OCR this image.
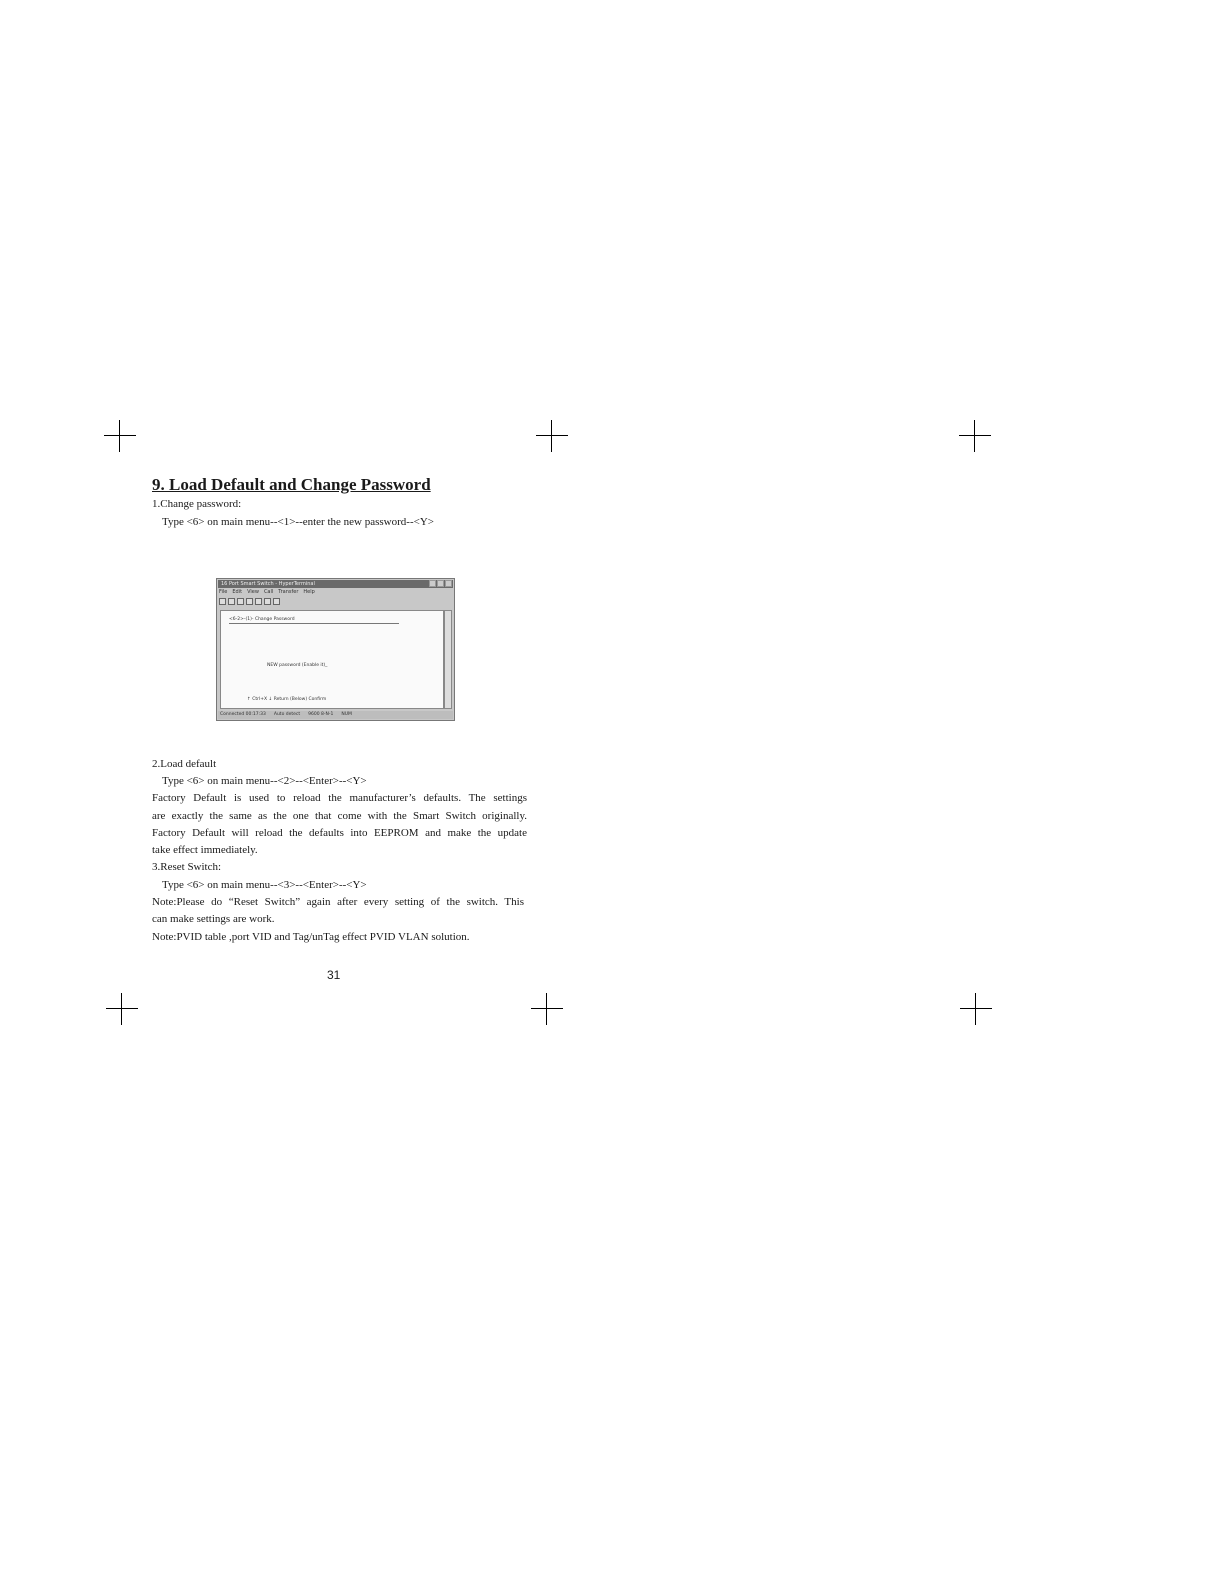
9. Load Default and Change Password
1.Change password:
Type <6> on main menu--<1>--enter the new password--<Y>
16 Port Smart Switch - HyperTerminal
File Edit View Call Transfer Help
<6-2>-(1)- Change Password
NEW password (Enable it)_
↑ Ctrl+X ↓ Return (Below) Confirm
Connected 00:17:33 Auto detect 9600 8-N-1 NUM
2.Load default
Type <6> on main menu--<2>--<Enter>--<Y>
Factory Default is used to reload the manufacturer’s defaults. The settings
are exactly the same as the one that come with the Smart Switch originally.
Factory Default will reload the defaults into EEPROM and make the update
take effect immediately.
3.Reset Switch:
Type <6> on main menu--<3>--<Enter>--<Y>
Note:Please do “Reset Switch” again after every setting of the switch. This
can make settings are work.
Note:PVID table ,port VID and Tag/unTag effect PVID VLAN solution.
31
